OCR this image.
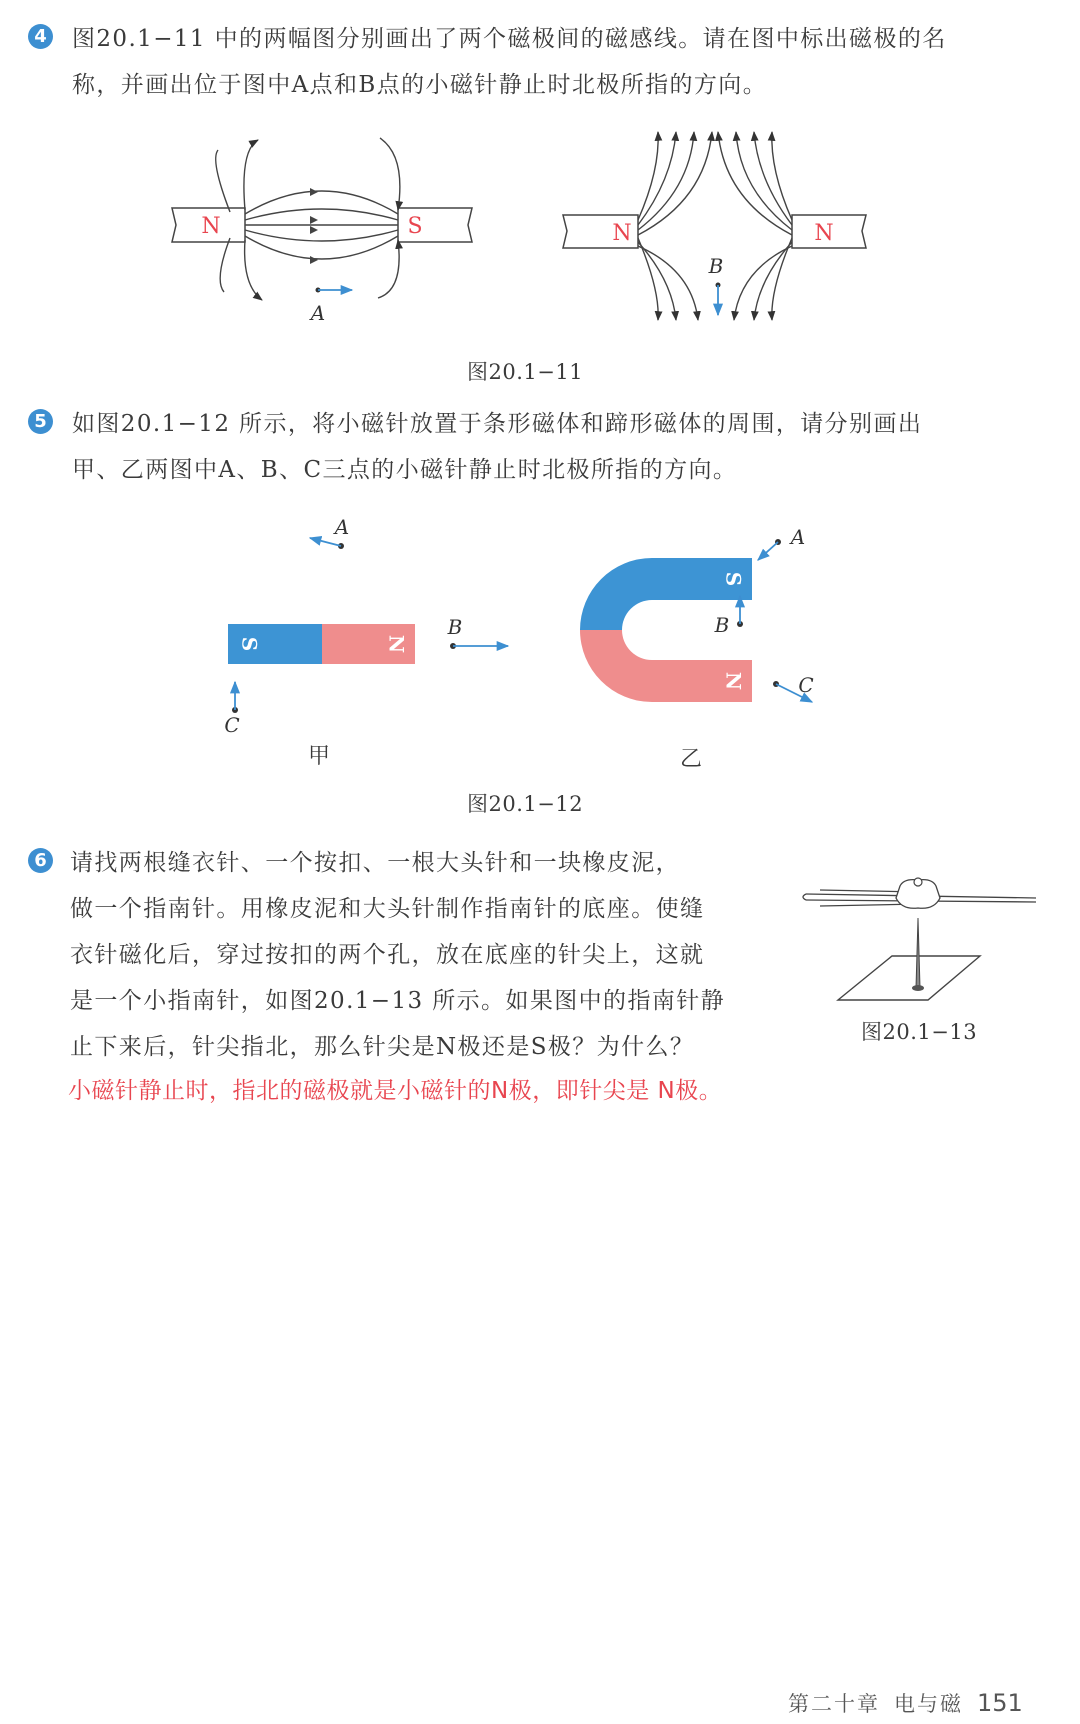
4 图20.1−11 中的两幅图分别画出了两个磁极间的磁感线。请在图中标出磁极的名

称，并画出位于图中A点和B点的小磁针静止时北极所指的方向。

N	S
A
N	N
B
图20.1−11
5 如图20.1−12 所示，将小磁针放置于条形磁体和蹄形磁体的周围，请分别画出

甲、乙两图中A、B、C三点的小磁针静止时北极所指的方向。

S	N
A
B
C
S
N
A
B
C
甲	乙
图20.1−12
6 请找两根缝衣针、一个按扣、一根大头针和一块橡皮泥，

做一个指南针。用橡皮泥和大头针制作指南针的底座。使缝

衣针磁化后，穿过按扣的两个孔，放在底座的针尖上，这就

是一个小指南针，如图20.1−13 所示。如果图中的指南针静

止下来后，针尖指北，那么针尖是N极还是S极？为什么？

小磁针静止时，指北的磁极就是小磁针的N极，即针尖是 N极。
图20.1−13
第二十章 电与磁 151
